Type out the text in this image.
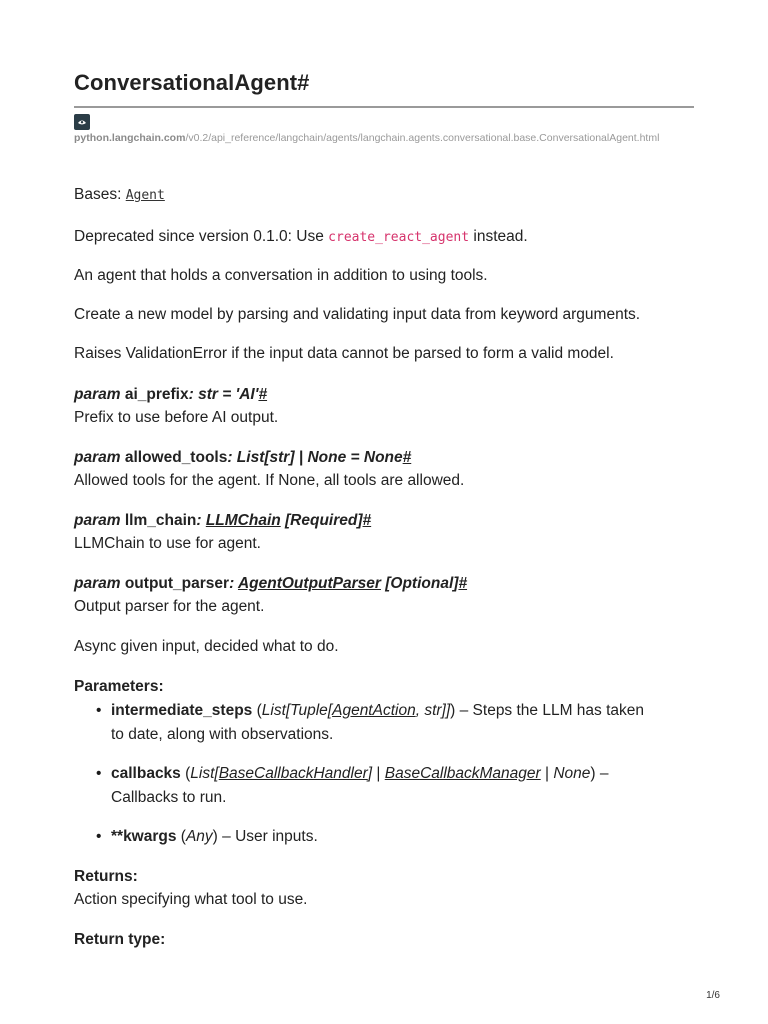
ConversationalAgent#
python.langchain.com/v0.2/api_reference/langchain/agents/langchain.agents.conversational.base.ConversationalAgent.html
Bases: Agent
Deprecated since version 0.1.0: Use create_react_agent instead.
An agent that holds a conversation in addition to using tools.
Create a new model by parsing and validating input data from keyword arguments.
Raises ValidationError if the input data cannot be parsed to form a valid model.
param ai_prefix: str = 'AI'#
Prefix to use before AI output.
param allowed_tools: List[str] | None = None#
Allowed tools for the agent. If None, all tools are allowed.
param llm_chain: LLMChain [Required]#
LLMChain to use for agent.
param output_parser: AgentOutputParser [Optional]#
Output parser for the agent.
Async given input, decided what to do.
Parameters:
• intermediate_steps (List[Tuple[AgentAction, str]]) – Steps the LLM has taken
to date, along with observations.
• callbacks (List[BaseCallbackHandler] | BaseCallbackManager | None) –
Callbacks to run.
• **kwargs (Any) – User inputs.
Returns:
Action specifying what tool to use.
Return type:
1/6
